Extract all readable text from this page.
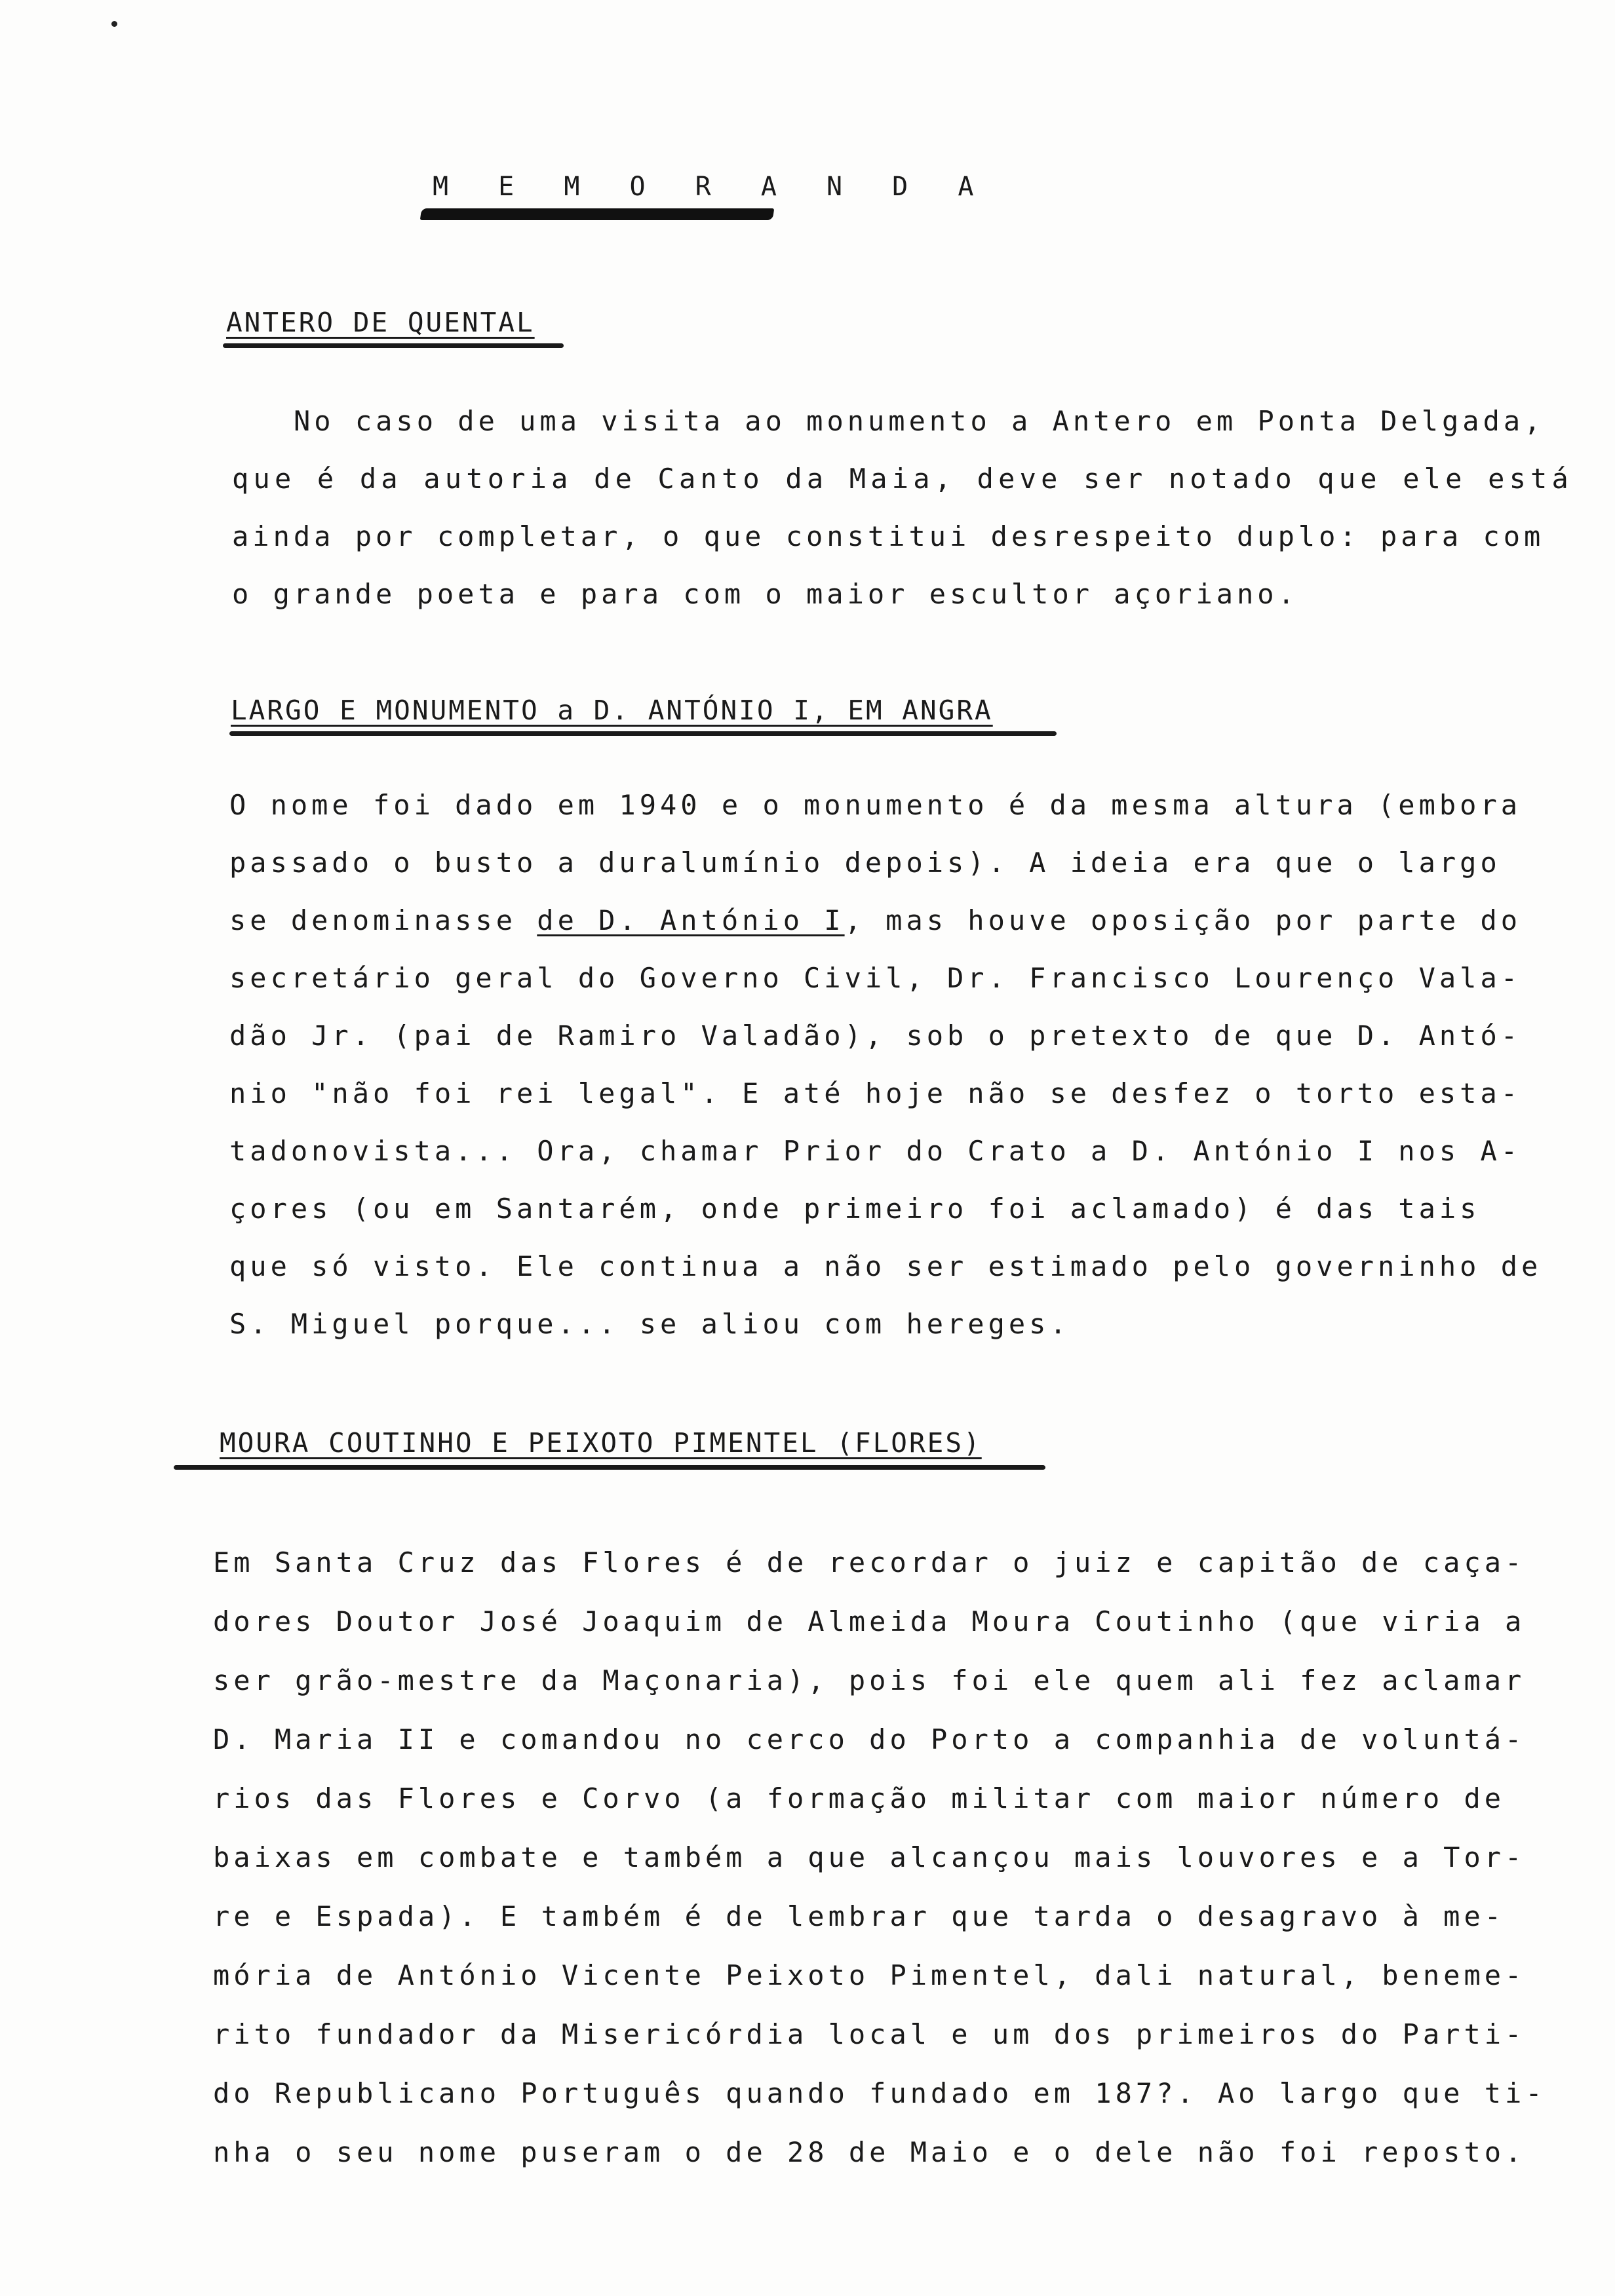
M E M O R A N D A
ANTERO DE QUENTAL
No caso de uma visita ao monumento a Antero em Ponta Delgada,
que é da autoria de Canto da Maia, deve ser notado que ele está
ainda por completar, o que constitui desrespeito duplo: para com
o grande poeta e para com o maior escultor açoriano.
LARGO E MONUMENTO a D. ANTÓNIO I, EM ANGRA
O nome foi dado em 1940 e o monumento é da mesma altura (embora
passado o busto a duralumínio depois). A ideia era que o largo
se denominasse de D. António I, mas houve oposição por parte do
secretário geral do Governo Civil, Dr. Francisco Lourenço Vala-
dão Jr. (pai de Ramiro Valadão), sob o pretexto de que D. Antó-
nio "não foi rei legal". E até hoje não se desfez o torto esta-
tadonovista... Ora, chamar Prior do Crato a D. António I nos A-
çores (ou em Santarém, onde primeiro foi aclamado) é das tais
que só visto. Ele continua a não ser estimado pelo governinho de
S. Miguel porque... se aliou com hereges.
MOURA COUTINHO E PEIXOTO PIMENTEL (FLORES)
Em Santa Cruz das Flores é de recordar o juiz e capitão de caça-
dores Doutor José Joaquim de Almeida Moura Coutinho (que viria a
ser grão-mestre da Maçonaria), pois foi ele quem ali fez aclamar
D. Maria II e comandou no cerco do Porto a companhia de voluntá-
rios das Flores e Corvo (a formação militar com maior número de
baixas em combate e também a que alcançou mais louvores e a Tor-
re e Espada). E também é de lembrar que tarda o desagravo à me-
mória de António Vicente Peixoto Pimentel, dali natural, beneme-
rito fundador da Misericórdia local e um dos primeiros do Parti-
do Republicano Português quando fundado em 187?. Ao largo que ti-
nha o seu nome puseram o de 28 de Maio e o dele não foi reposto.
